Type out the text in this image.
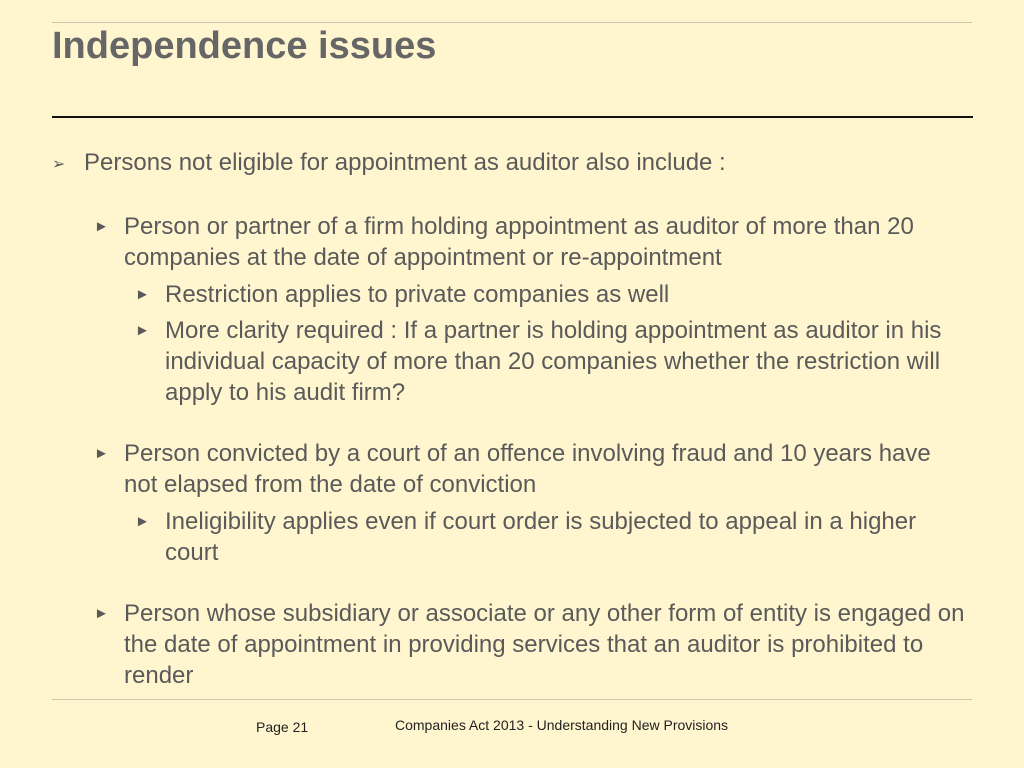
Independence issues
➢ Persons not eligible for appointment as auditor also include :
► Person or partner of a firm holding appointment as auditor of more than 20 companies at the date of appointment or re-appointment
► Restriction applies to private companies as well
► More clarity required : If a partner is holding appointment as auditor in his individual capacity of more than 20 companies whether the restriction will apply to his audit firm?
► Person convicted by a court of an offence involving fraud and 10 years have not elapsed from the date of conviction
► Ineligibility applies even if court order is subjected to appeal in a higher court
► Person whose subsidiary or associate or any other form of entity is engaged on the date of appointment in providing services that an auditor is prohibited to render
Page 21	Companies Act 2013 - Understanding New Provisions
